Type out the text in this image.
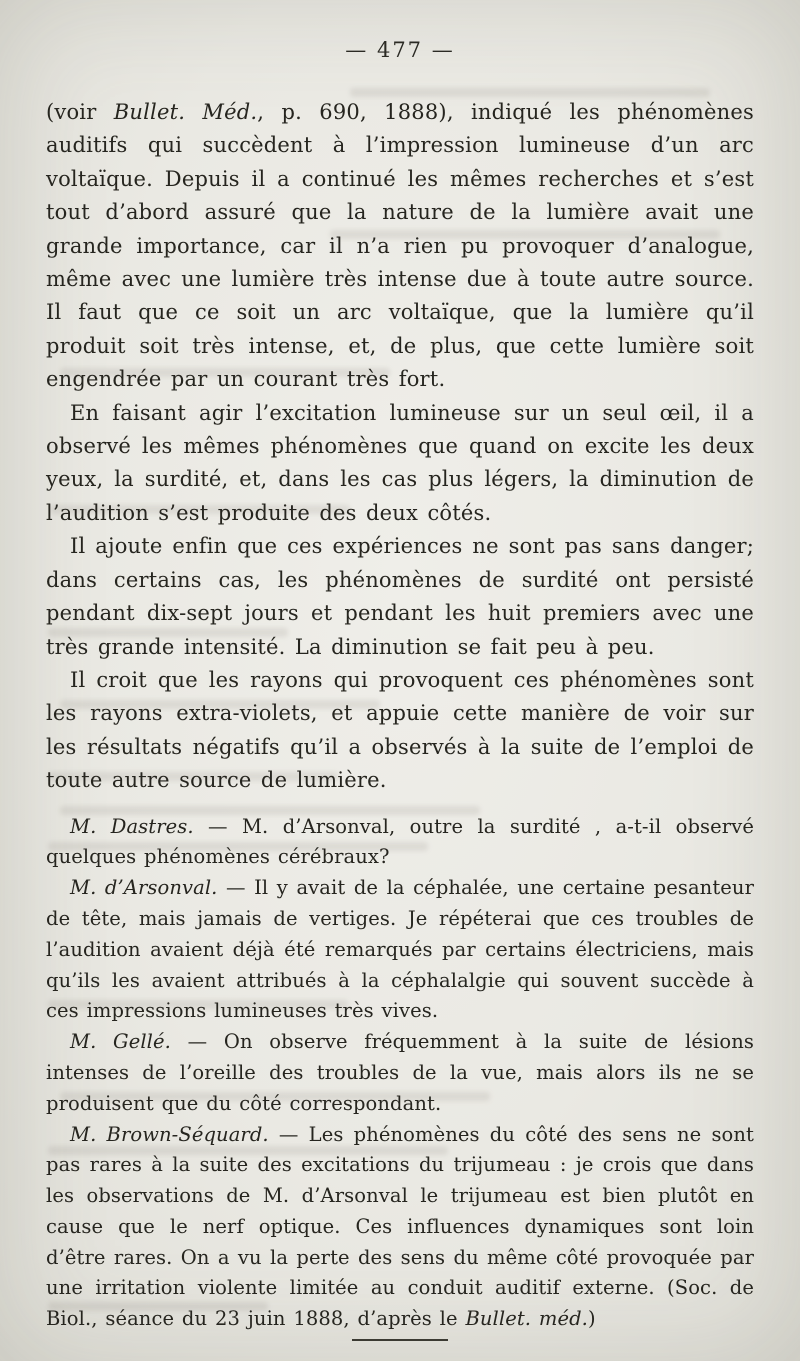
— 477 —

(voir Bullet. Méd., p. 690, 1888), indiqué les phénomènes auditifs qui succèdent à l’impression lumineuse d’un arc voltaïque. Depuis il a continué les mêmes recherches et s’est tout d’abord assuré que la nature de la lumière avait une grande importance, car il n’a rien pu provoquer d’analogue, même avec une lumière très intense due à toute autre source. Il faut que ce soit un arc voltaïque, que la lumière qu’il produit soit très intense, et, de plus, que cette lumière soit engendrée par un courant très fort.

En faisant agir l’excitation lumineuse sur un seul œil, il a observé les mêmes phénomènes que quand on excite les deux yeux, la surdité, et, dans les cas plus légers, la diminution de l’audition s’est produite des deux côtés.

Il ajoute enfin que ces expériences ne sont pas sans danger; dans certains cas, les phénomènes de surdité ont persisté pendant dix-sept jours et pendant les huit premiers avec une très grande intensité. La diminution se fait peu à peu.

Il croit que les rayons qui provoquent ces phénomènes sont les rayons extra-violets, et appuie cette manière de voir sur les résultats négatifs qu’il a observés à la suite de l’emploi de toute autre source de lumière.

M. Dastres. — M. d’Arsonval, outre la surdité , a-t-il observé quelques phénomènes cérébraux?

M. d’Arsonval. — Il y avait de la céphalée, une certaine pesanteur de tête, mais jamais de vertiges. Je répéterai que ces troubles de l’audition avaient déjà été remarqués par certains électriciens, mais qu’ils les avaient attribués à la céphalalgie qui souvent succède à ces impressions lumineuses très vives.

M. Gellé. — On observe fréquemment à la suite de lésions intenses de l’oreille des troubles de la vue, mais alors ils ne se produisent que du côté correspondant.

M. Brown-Séquard. — Les phénomènes du côté des sens ne sont pas rares à la suite des excitations du trijumeau : je crois que dans les observations de M. d’Arsonval le trijumeau est bien plutôt en cause que le nerf optique. Ces influences dynamiques sont loin d’être rares. On a vu la perte des sens du même côté provoquée par une irritation violente limitée au conduit auditif externe. (Soc. de Biol., séance du 23 juin 1888, d’après le Bullet. méd.)
